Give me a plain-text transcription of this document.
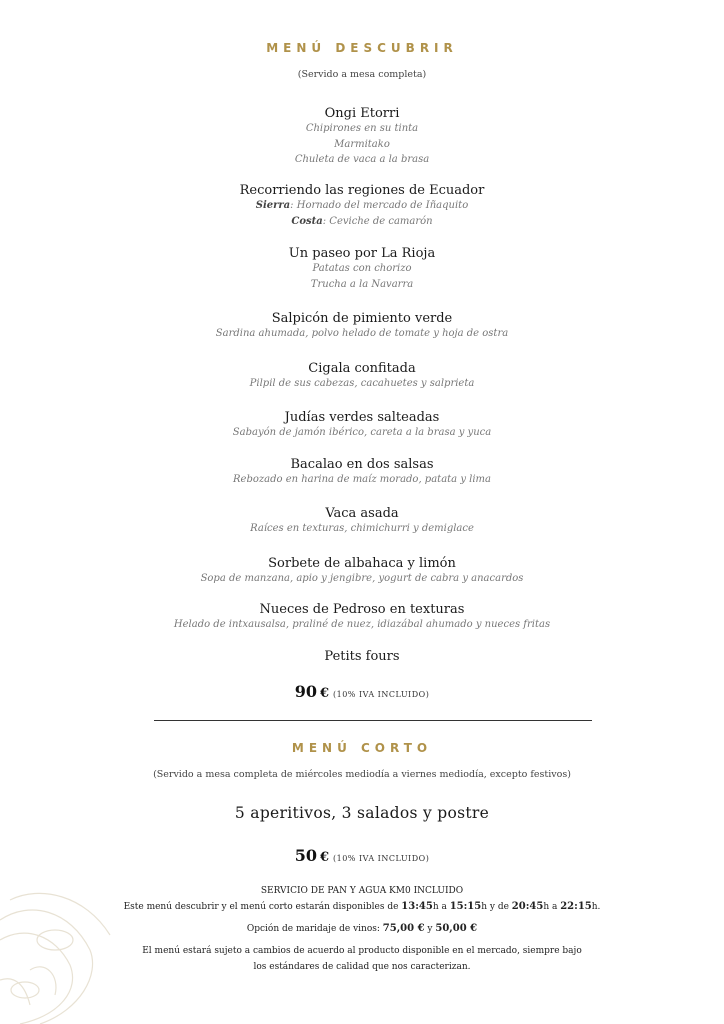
MENÚ DESCUBRIR
(Servido a mesa completa)
Ongi Etorri
Chipirones en su tinta
Marmitako
Chuleta de vaca a la brasa
Recorriendo las regiones de Ecuador
Sierra: Hornado del mercado de Iñaquito
Costa: Ceviche de camarón
Un paseo por La Rioja
Patatas con chorizo
Trucha a la Navarra
Salpicón de pimiento verde
Sardina ahumada, polvo helado de tomate y hoja de ostra
Cigala confitada
Pilpil de sus cabezas, cacahuetes y salprieta
Judías verdes salteadas
Sabayón de jamón ibérico, careta a la brasa y yuca
Bacalao en dos salsas
Rebozado en harina de maíz morado, patata y lima
Vaca asada
Raíces en texturas, chimichurri y demiglace
Sorbete de albahaca y limón
Sopa de manzana, apio y jengibre, yogurt de cabra y anacardos
Nueces de Pedroso en texturas
Helado de intxausalsa, praliné de nuez, idiazábal ahumado y nueces fritas
Petits fours
90 € (10% IVA INCLUIDO)
MENÚ CORTO
(Servido a mesa completa de miércoles mediodía a viernes mediodía, excepto festivos)
5 aperitivos, 3 salados y postre
50 € (10% IVA INCLUIDO)
SERVICIO DE PAN Y AGUA KM0 INCLUIDO
Este menú descubrir y el menú corto estarán disponibles de 13:45h a 15:15h y de 20:45h a 22:15h.
Opción de maridaje de vinos: 75,00 € y 50,00 €
El menú estará sujeto a cambios de acuerdo al producto disponible en el mercado, siempre bajo
los estándares de calidad que nos caracterizan.
